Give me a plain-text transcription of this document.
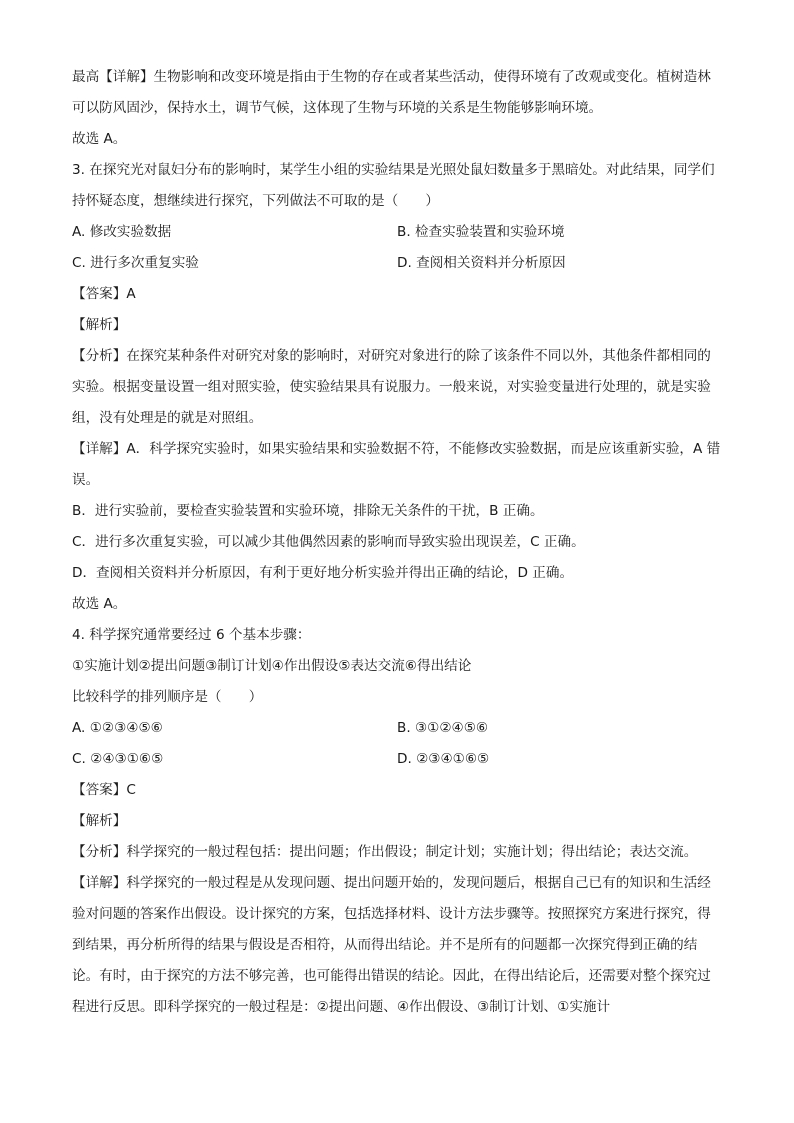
最高【详解】生物影响和改变环境是指由于生物的存在或者某些活动，使得环境有了改观或变化。植树造林可以防风固沙，保持水土，调节气候，这体现了生物与环境的关系是生物能够影响环境。

故选 A。

3. 在探究光对鼠妇分布的影响时，某学生小组的实验结果是光照处鼠妇数量多于黑暗处。对此结果，同学们持怀疑态度，想继续进行探究，下列做法不可取的是（　　）

A. 修改实验数据	B. 检查实验装置和实验环境
C. 进行多次重复实验	D. 查阅相关资料并分析原因

【答案】A

【解析】

【分析】在探究某种条件对研究对象的影响时，对研究对象进行的除了该条件不同以外，其他条件都相同的实验。根据变量设置一组对照实验，使实验结果具有说服力。一般来说，对实验变量进行处理的，就是实验组，没有处理是的就是对照组。

【详解】A．科学探究实验时，如果实验结果和实验数据不符，不能修改实验数据，而是应该重新实验，A 错误。

B．进行实验前，要检查实验装置和实验环境，排除无关条件的干扰，B 正确。

C．进行多次重复实验，可以减少其他偶然因素的影响而导致实验出现误差，C 正确。

D．查阅相关资料并分析原因，有利于更好地分析实验并得出正确的结论，D 正确。

故选 A。

4. 科学探究通常要经过 6 个基本步骤：

①实施计划②提出问题③制订计划④作出假设⑤表达交流⑥得出结论

比较科学的排列顺序是（　　）

A. ①②③④⑤⑥	B. ③①②④⑤⑥
C. ②④③①⑥⑤	D. ②③④①⑥⑤

【答案】C

【解析】

【分析】科学探究的一般过程包括：提出问题；作出假设；制定计划；实施计划；得出结论；表达交流。

【详解】科学探究的一般过程是从发现问题、提出问题开始的，发现问题后，根据自己已有的知识和生活经验对问题的答案作出假设。设计探究的方案，包括选择材料、设计方法步骤等。按照探究方案进行探究，得到结果，再分析所得的结果与假设是否相符，从而得出结论。并不是所有的问题都一次探究得到正确的结论。有时，由于探究的方法不够完善，也可能得出错误的结论。因此，在得出结论后，还需要对整个探究过程进行反思。即科学探究的一般过程是：②提出问题、④作出假设、③制订计划、①实施计
